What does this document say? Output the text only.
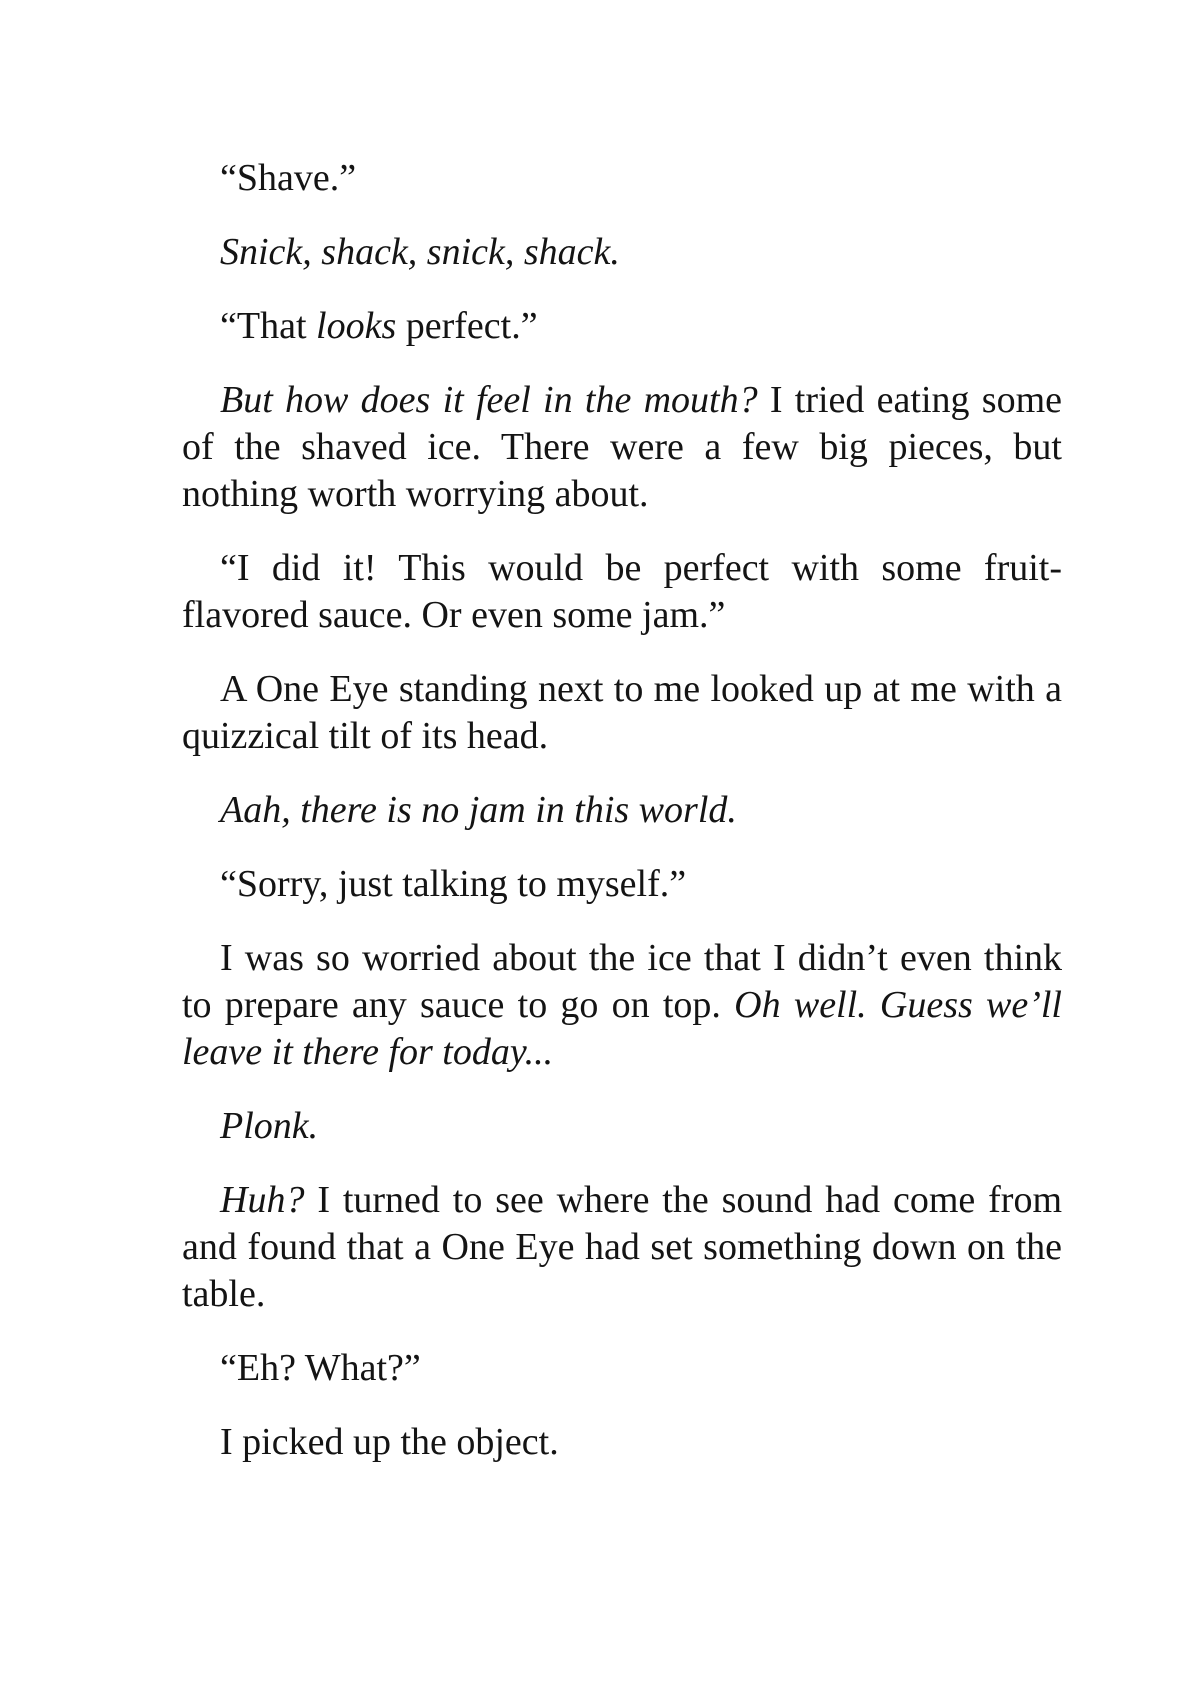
“Shave.”

Snick, shack, snick, shack.

“That looks perfect.”

But how does it feel in the mouth? I tried eating some of the shaved ice. There were a few big pieces, but nothing worth worrying about.

“I did it! This would be perfect with some fruit-flavored sauce. Or even some jam.”

A One Eye standing next to me looked up at me with a quizzical tilt of its head.

Aah, there is no jam in this world.

“Sorry, just talking to myself.”

I was so worried about the ice that I didn’t even think to prepare any sauce to go on top. Oh well. Guess we’ll leave it there for today...

Plonk.

Huh? I turned to see where the sound had come from and found that a One Eye had set something down on the table.

“Eh? What?”

I picked up the object.
